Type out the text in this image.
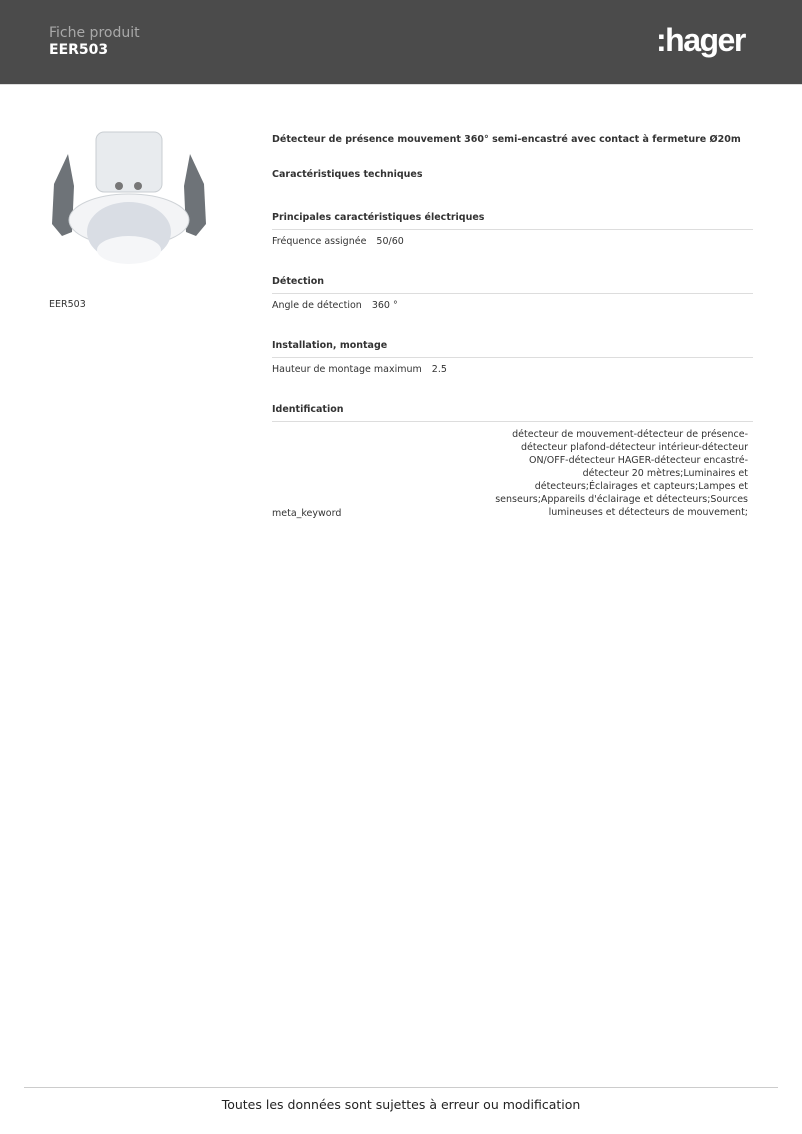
Fiche produit
EER503	:hager
EER503
Détecteur de présence mouvement 360° semi-encastré avec contact à fermeture Ø20m
Caractéristiques techniques
Principales caractéristiques électriques
Fréquence assignée 50/60
Détection
Angle de détection 360 °
Installation, montage
Hauteur de montage maximum 2.5
Identification
meta_keyword
détecteur de mouvement-détecteur de présence-
détecteur plafond-détecteur intérieur-détecteur
ON/OFF-détecteur HAGER-détecteur encastré-
détecteur 20 mètres;Luminaires et
détecteurs;Éclairages et capteurs;Lampes et
senseurs;Appareils d'éclairage et détecteurs;Sources
lumineuses et détecteurs de mouvement;
Toutes les données sont sujettes à erreur ou modification
